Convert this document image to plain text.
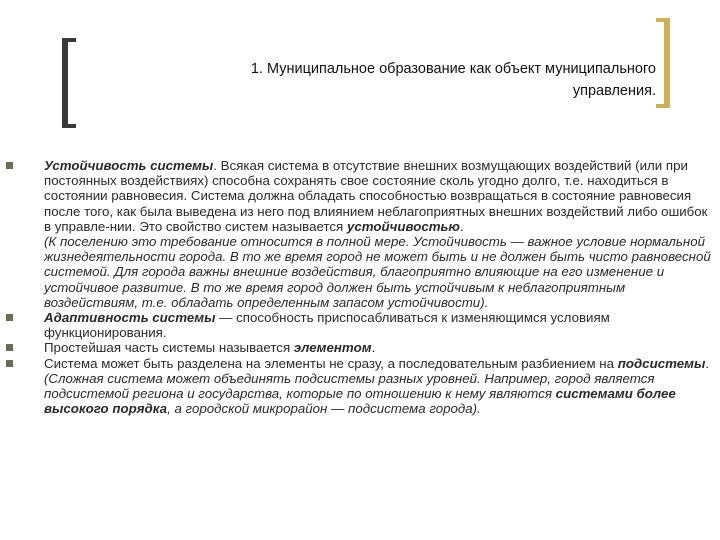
1. Муниципальное образование как объект муниципального
управления.

Устойчивость системы. Всякая система в отсутствие внешних возмущающих воздействий (или при постоянных воздействиях) способна сохранять свое состояние сколь угодно долго, т.е. находиться в состоянии равновесия. Система должна обладать способностью возвращаться в состояние равновесия после того, как была выведена из него под влиянием неблагоприятных внешних воздействий либо ошибок в управле-нии. Это свойство систем называется устойчивостью.

(К поселению это требование относится в полной мере. Устойчивость — важное условие нормальной жизнедеятельности города. В то же время город не может быть и не должен быть чисто равновесной системой. Для города важны внешние воздействия, благоприятно влияющие на его изменение и устойчивое развитие. В то же время город должен быть устойчивым к неблагоприятным воздействиям, т.е. обладать определенным запасом устойчивости).

Адаптивность системы — способность приспосабливаться к изменяющимся условиям функционирования.

Простейшая часть системы называется элементом.

Система может быть разделена на элементы не сразу, а последовательным разбиением на подсистемы.

(Сложная система может объединять подсистемы разных уровней. Например, город является подсистемой региона и государства, которые по отношению к нему являются системами более высокого порядка, а городской микрорайон — подсистема города).
